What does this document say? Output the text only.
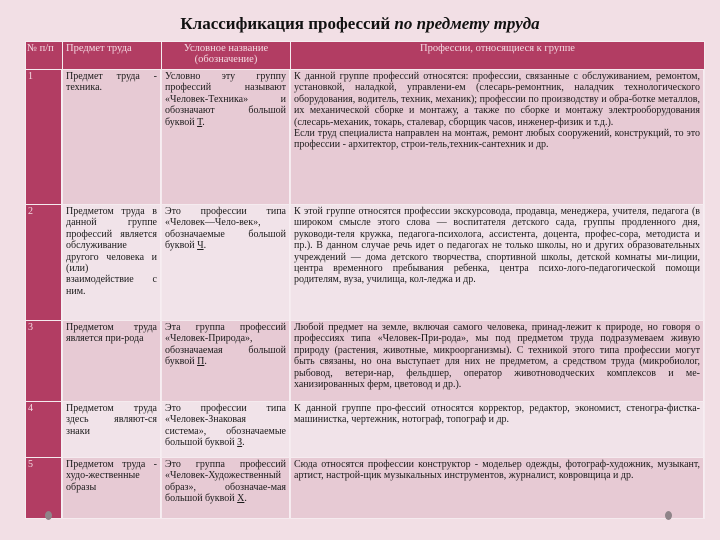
Классификация профессий по предмету труда
№ п/п	Предмет труда	Условное название (обозначение)	Профессии, относящиеся к группе
1	Предмет труда - техника.	Условно эту группу профессий называют «Человек-Техника» и обозначают большой буквой Т.	К данной группе профессий относятся: профессии, связанные с обслуживанием, ремонтом, установкой, наладкой, управлени-ем (слесарь-ремонтник, наладчик технологического оборудования, водитель, техник, механик); профессии по производству и обра-ботке металлов, их механической сборке и монтажу, а также по сборке и монтажу электрооборудования (слесарь-механик, токарь, сталевар, сборщик часов, инженер-физик и т.д.).

Если труд специалиста направлен на монтаж, ремонт любых сооружений, конструкций, то это профессии - архитектор, строи-тель,техник-сантехник и др.

2	Предметом труда в данной группе профессий является обслуживание другого человека и (или) взаимодействие с ним.	Это профессии типа «Человек—Чело-век», обозначаемые большой буквой Ч.	К этой группе относятся профессии экскурсовода, продавца, менеджера, учителя, педагога (в широком смысле этого слова — воспитателя детского сада, группы продленного дня, руководи-теля кружка, педагога-психолога, ассистента, доцента, профес-сора, методиста и пр.). В данном случае речь идет о педагогах не только школы, но и других образовательных учреждений — дома детского творчества, спортивной школы, детской комнаты ми-лиции, центра временного пребывания ребенка, центра психо-лого-педагогической помощи родителям, вуза, училища, кол-леджа и др.

3	Предметом труда является при-рода	Эта группа профессий «Человек-Природа», обозначаемая большой буквой П.	Любой предмет на земле, включая самого человека, принад-лежит к природе, но говоря о профессиях типа «Человек-При-рода», мы под предметом труда подразумеваем живую природу (растения, животные, микроорганизмы). С техникой этого типа профессии могут быть связаны, но она выступает для них не предметом, а средством труда (микробиолог, рыбовод, ветери-нар, фельдшер, оператор животноводческих комплексов и ме-ханизированных ферм, цветовод и др.).

4	Предметом труда здесь являют-ся знаки	Это профессии типа «Человек-Знаковая система», обозначаемые большой буквой З.	К данной группе про-фессий относятся корректор, редактор, экономист, стеногра-фистка-машинистка, чертежник, нотограф, топограф и др.

5	Предметом труда - худо-жественные образы	Это группа профессий «Человек-Художественный образ», обозначае-мая большой буквой Х.	Сюда относятся профессии конструктор - модельер одежды, фотограф-художник, музыкант, артист, настрой-щик музыкальных инструментов, журналист, ковровщица и др.
